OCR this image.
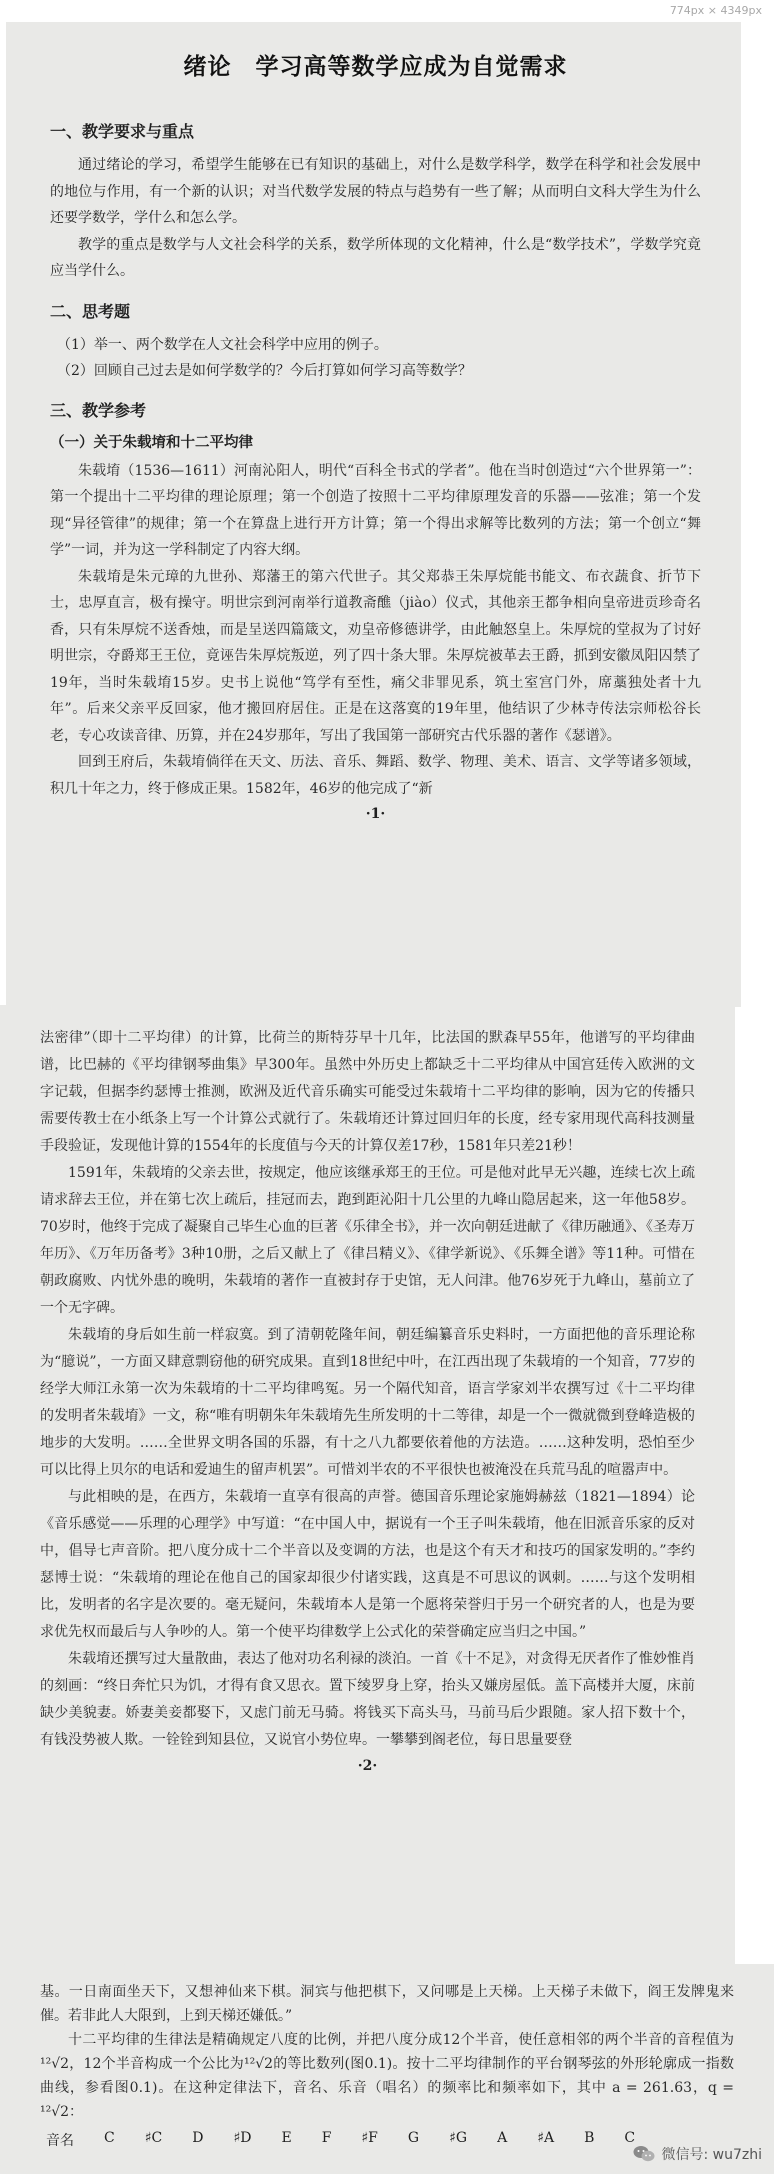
774px × 4349px
绪论　学习高等数学应成为自觉需求
一、教学要求与重点

通过绪论的学习，希望学生能够在已有知识的基础上，对什么是数学科学，数学在科学和社会发展中的地位与作用，有一个新的认识；对当代数学发展的特点与趋势有一些了解；从而明白文科大学生为什么还要学数学，学什么和怎么学。

教学的重点是数学与人文社会科学的关系，数学所体现的文化精神，什么是“数学技术”，学数学究竟应当学什么。

二、思考题

（1）举一、两个数学在人文社会科学中应用的例子。

（2）回顾自己过去是如何学数学的？今后打算如何学习高等数学？

三、教学参考
（一）关于朱载堉和十二平均律

朱载堉（1536—1611）河南沁阳人，明代“百科全书式的学者”。他在当时创造过“六个世界第一”：第一个提出十二平均律的理论原理；第一个创造了按照十二平均律原理发音的乐器——弦准；第一个发现“异径管律”的规律；第一个在算盘上进行开方计算；第一个得出求解等比数列的方法；第一个创立“舞学”一词，并为这一学科制定了内容大纲。

朱载堉是朱元璋的九世孙、郑藩王的第六代世子。其父郑恭王朱厚烷能书能文、布衣蔬食、折节下士，忠厚直言，极有操守。明世宗到河南举行道教斋醮（jiào）仪式，其他亲王都争相向皇帝进贡珍奇名香，只有朱厚烷不送香烛，而是呈送四篇箴文，劝皇帝修德讲学，由此触怒皇上。朱厚烷的堂叔为了讨好明世宗，夺爵郑王王位，竟诬告朱厚烷叛逆，列了四十条大罪。朱厚烷被革去王爵，抓到安徽凤阳囚禁了19年，当时朱载堉15岁。史书上说他“笃学有至性，痛父非罪见系，筑土室宫门外，席藁独处者十九年”。后来父亲平反回家，他才搬回府居住。正是在这落寞的19年里，他结识了少林寺传法宗师松谷长老，专心攻读音律、历算，并在24岁那年，写出了我国第一部研究古代乐器的著作《瑟谱》。

回到王府后，朱载堉倘徉在天文、历法、音乐、舞蹈、数学、物理、美术、语言、文学等诸多领域，积几十年之力，终于修成正果。1582年，46岁的他完成了“新

·1·

法密律”（即十二平均律）的计算，比荷兰的斯特芬早十几年，比法国的默森早55年，他谱写的平均律曲谱，比巴赫的《平均律钢琴曲集》早300年。虽然中外历史上都缺乏十二平均律从中国宫廷传入欧洲的文字记载，但据李约瑟博士推测，欧洲及近代音乐确实可能受过朱载堉十二平均律的影响，因为它的传播只需要传教士在小纸条上写一个计算公式就行了。朱载堉还计算过回归年的长度，经专家用现代高科技测量手段验证，发现他计算的1554年的长度值与今天的计算仅差17秒，1581年只差21秒！

1591年，朱载堉的父亲去世，按规定，他应该继承郑王的王位。可是他对此早无兴趣，连续七次上疏请求辞去王位，并在第七次上疏后，挂冠而去，跑到距沁阳十几公里的九峰山隐居起来，这一年他58岁。70岁时，他终于完成了凝聚自己毕生心血的巨著《乐律全书》，并一次向朝廷进献了《律历融通》、《圣寿万年历》、《万年历备考》3种10册，之后又献上了《律吕精义》、《律学新说》、《乐舞全谱》等11种。可惜在朝政腐败、内忧外患的晚明，朱载堉的著作一直被封存于史馆，无人问津。他76岁死于九峰山，墓前立了一个无字碑。

朱载堉的身后如生前一样寂寞。到了清朝乾隆年间，朝廷编纂音乐史料时，一方面把他的音乐理论称为“臆说”，一方面又肆意剽窃他的研究成果。直到18世纪中叶，在江西出现了朱载堉的一个知音，77岁的经学大师江永第一次为朱载堉的十二平均律鸣冤。另一个隔代知音，语言学家刘半农撰写过《十二平均律的发明者朱载堉》一文，称“唯有明朝朱年朱载堉先生所发明的十二等律，却是一个一微就微到登峰造极的地步的大发明。……全世界文明各国的乐器，有十之八九都要依着他的方法造。……这种发明，恐怕至少可以比得上贝尔的电话和爱迪生的留声机罢”。可惜刘半农的不平很快也被淹没在兵荒马乱的喧嚣声中。

与此相映的是，在西方，朱载堉一直享有很高的声誉。德国音乐理论家施姆赫兹（1821—1894）论《音乐感觉——乐理的心理学》中写道：“在中国人中，据说有一个王子叫朱载堉，他在旧派音乐家的反对中，倡导七声音阶。把八度分成十二个半音以及变调的方法，也是这个有天才和技巧的国家发明的。”李约瑟博士说：“朱载堉的理论在他自己的国家却很少付诸实践，这真是不可思议的讽刺。……与这个发明相比，发明者的名字是次要的。毫无疑问，朱载堉本人是第一个愿将荣誉归于另一个研究者的人，也是为要求优先权而最后与人争吵的人。第一个使平均律数学上公式化的荣誉确定应当归之中国。”

朱载堉还撰写过大量散曲，表达了他对功名利禄的淡泊。一首《十不足》，对贪得无厌者作了惟妙惟肖的刻画：“终日奔忙只为饥，才得有食又思衣。置下绫罗身上穿，抬头又嫌房屋低。盖下高楼并大厦，床前缺少美貌妻。娇妻美妾都娶下，又虑门前无马骑。将钱买下高头马，马前马后少跟随。家人招下数十个，有钱没势被人欺。一铨铨到知县位，又说官小势位卑。一攀攀到阁老位，每日思量要登

·2·

基。一日南面坐天下，又想神仙来下棋。洞宾与他把棋下，又问哪是上天梯。上天梯子未做下，阎王发牌鬼来催。若非此人大限到，上到天梯还嫌低。”

十二平均律的生律法是精确规定八度的比例，并把八度分成12个半音，使任意相邻的两个半音的音程值为¹²√2，12个半音构成一个公比为¹²√2的等比数列(图0.1)。按十二平均律制作的平台钢琴弦的外形轮廓成一指数曲线，参看图0.1)。在这种定律法下，音名、乐音（唱名）的频率比和频率如下，其中 a = 261.63，q = ¹²√2：

音名 C ♯C D ♯D E F ♯F G ♯G A ♯A B C
微信号: wu7zhi
